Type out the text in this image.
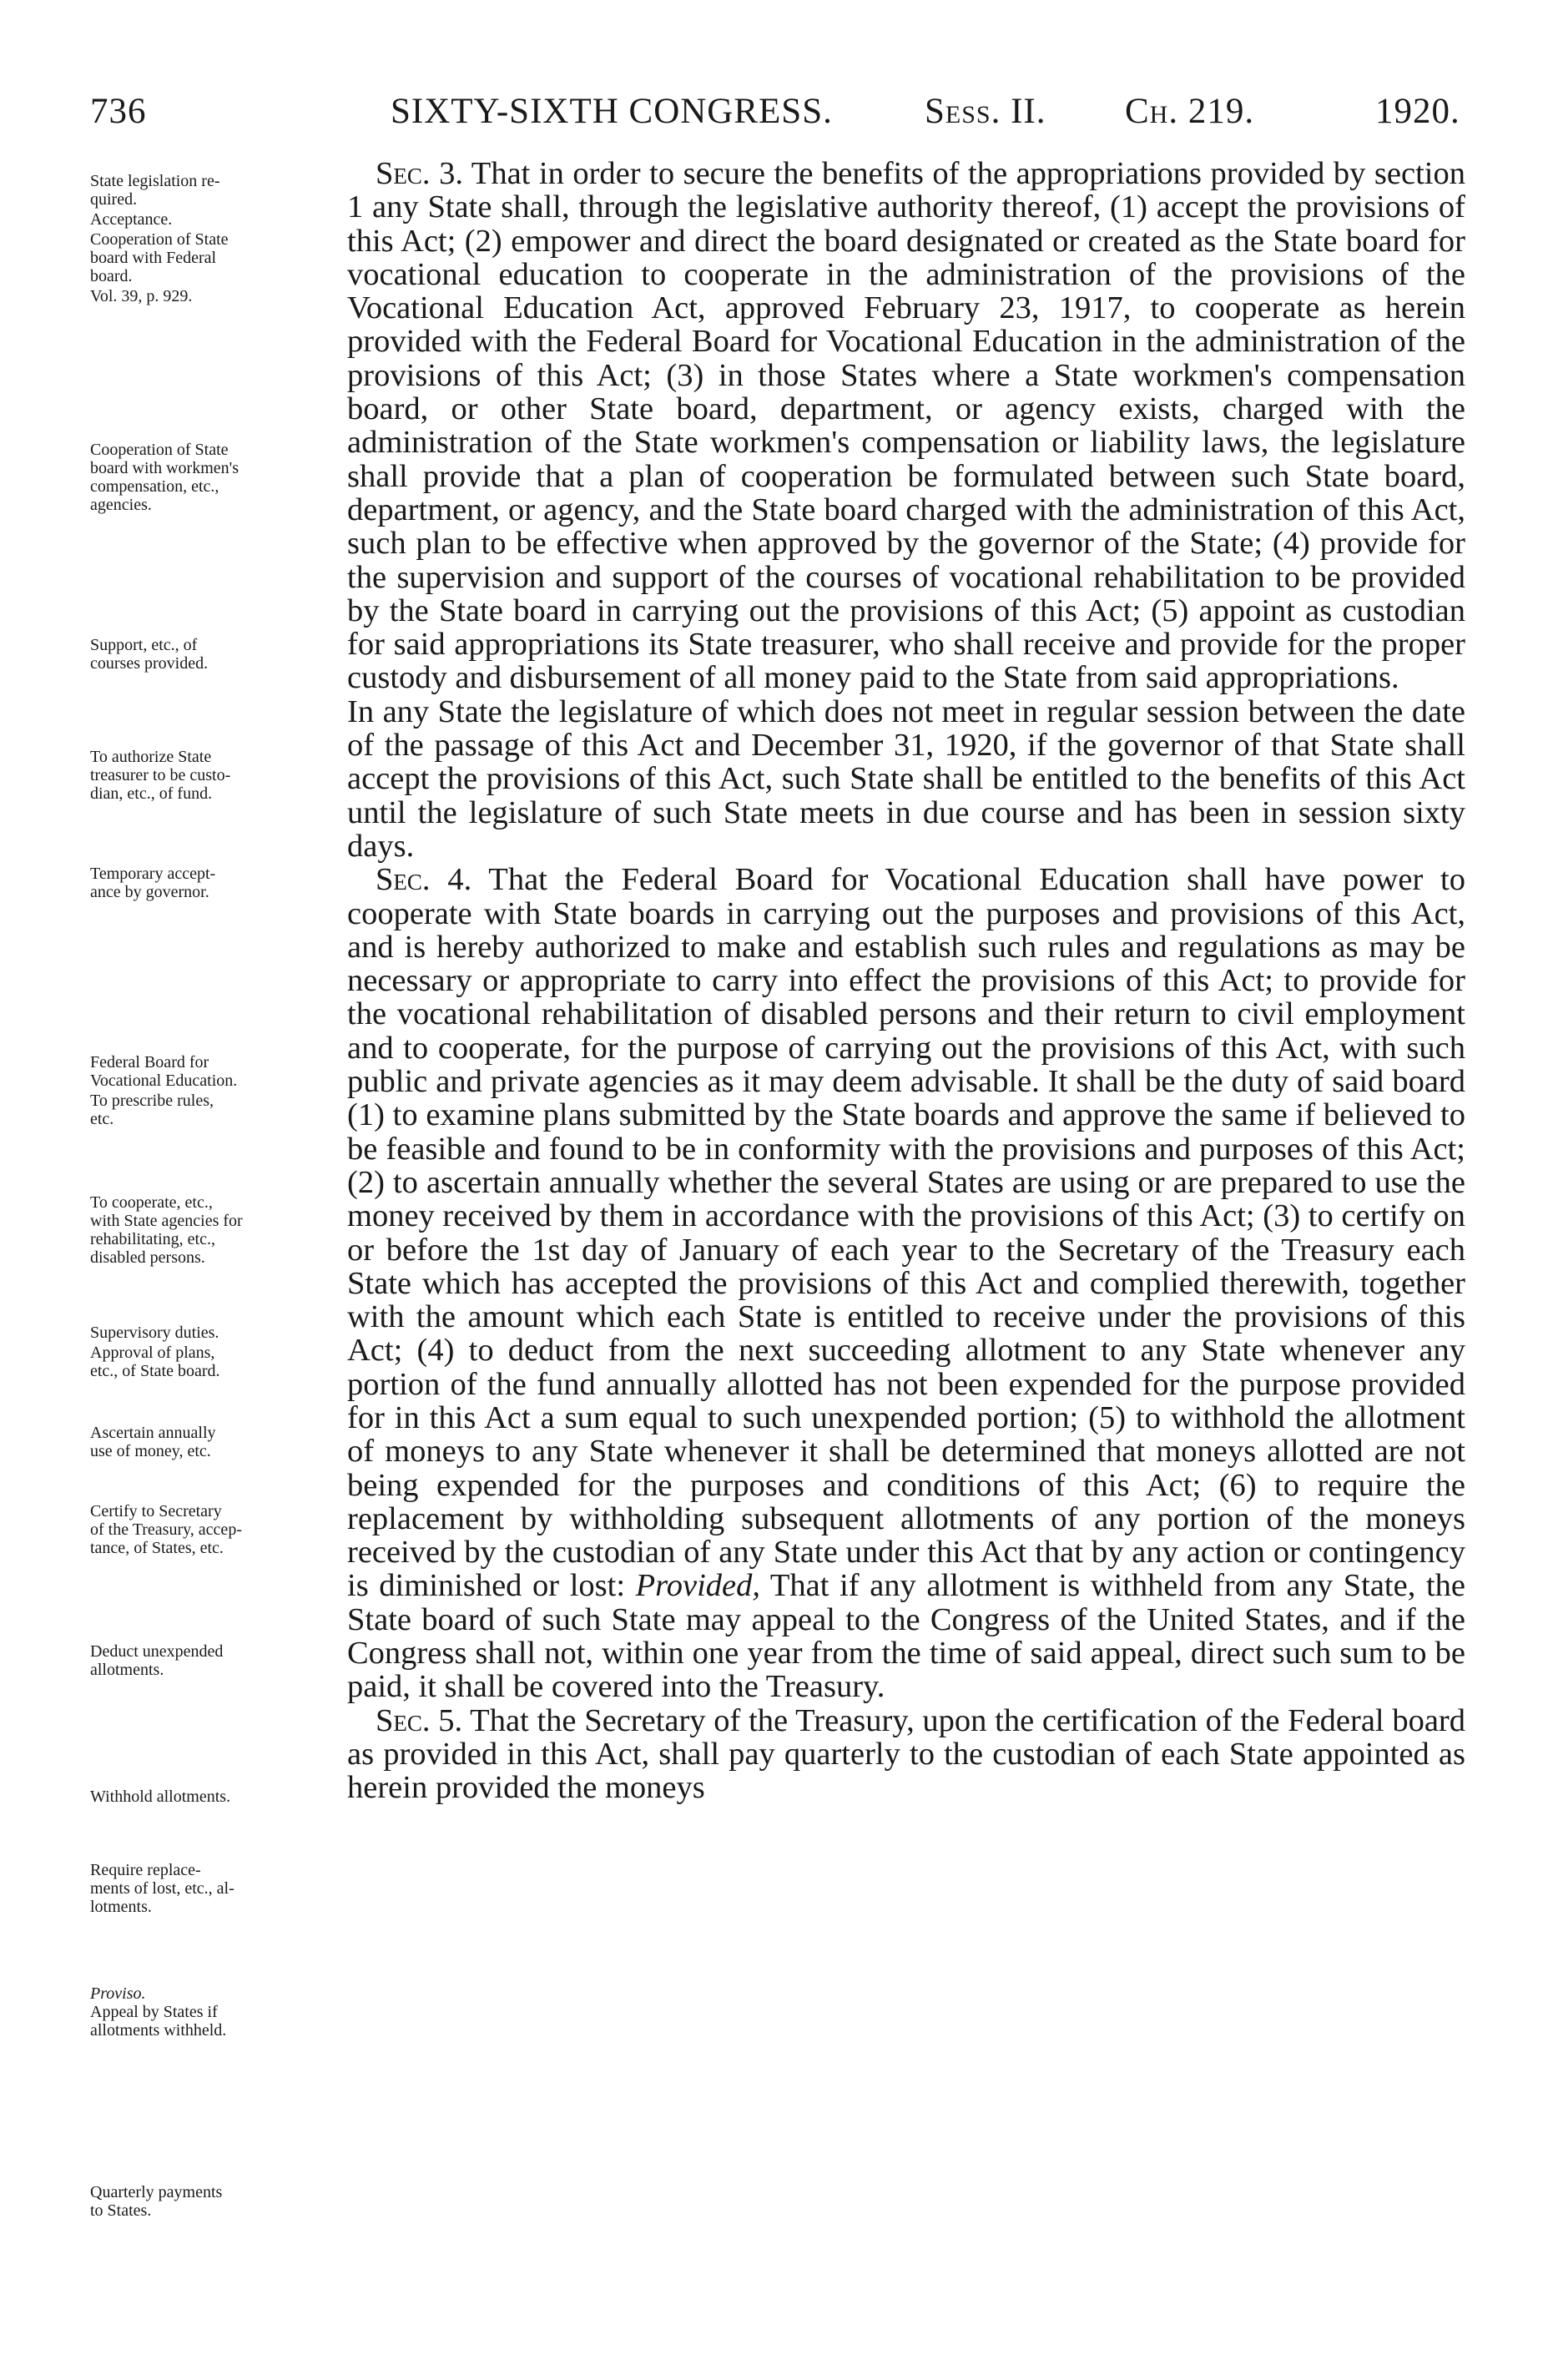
736	SIXTY-SIXTH CONGRESS.	Sess. II. Ch. 219.	1920.
State legislation re-
quired.
Acceptance.
Cooperation of State
board with Federal
board.
Vol. 39, p. 929.
Cooperation of State
board with workmen's
compensation, etc.,
agencies.
Support, etc., of
courses provided.
To authorize State
treasurer to be custo-
dian, etc., of fund.
Temporary accept-
ance by governor.
Federal Board for
Vocational Education.
To prescribe rules,
etc.
To cooperate, etc.,
with State agencies for
rehabilitating, etc.,
disabled persons.
Supervisory duties.
Approval of plans,
etc., of State board.
Ascertain annually
use of money, etc.
Certify to Secretary
of the Treasury, accep-
tance, of States, etc.
Deduct unexpended
allotments.
Withhold allotments.
Require replace-
ments of lost, etc., al-
lotments.
Proviso.
Appeal by States if
allotments withheld.
Quarterly payments
to States.

Sec. 3. That in order to secure the benefits of the appropriations provided by section 1 any State shall, through the legislative authority thereof, (1) accept the provisions of this Act; (2) empower and direct the board designated or created as the State board for vocational education to cooperate in the administration of the provisions of the Vocational Education Act, approved February 23, 1917, to cooperate as herein provided with the Federal Board for Vocational Education in the administration of the provisions of this Act; (3) in those States where a State workmen's compensation board, or other State board, department, or agency exists, charged with the administration of the State workmen's compensation or liability laws, the legislature shall provide that a plan of cooperation be formulated between such State board, department, or agency, and the State board charged with the administration of this Act, such plan to be effective when approved by the governor of the State; (4) provide for the supervision and support of the courses of vocational rehabilitation to be provided by the State board in carrying out the provisions of this Act; (5) appoint as custodian for said appropriations its State treasurer, who shall receive and provide for the proper custody and disbursement of all money paid to the State from said appropriations.

In any State the legislature of which does not meet in regular session between the date of the passage of this Act and December 31, 1920, if the governor of that State shall accept the provisions of this Act, such State shall be entitled to the benefits of this Act until the legislature of such State meets in due course and has been in session sixty days.

Sec. 4. That the Federal Board for Vocational Education shall have power to cooperate with State boards in carrying out the purposes and provisions of this Act, and is hereby authorized to make and establish such rules and regulations as may be necessary or appropriate to carry into effect the provisions of this Act; to provide for the vocational rehabilitation of disabled persons and their return to civil employment and to cooperate, for the purpose of carrying out the provisions of this Act, with such public and private agencies as it may deem advisable. It shall be the duty of said board (1) to examine plans submitted by the State boards and approve the same if believed to be feasible and found to be in conformity with the provisions and purposes of this Act; (2) to ascertain annually whether the several States are using or are prepared to use the money received by them in accordance with the provisions of this Act; (3) to certify on or before the 1st day of January of each year to the Secretary of the Treasury each State which has accepted the provisions of this Act and complied therewith, together with the amount which each State is entitled to receive under the provisions of this Act; (4) to deduct from the next succeeding allotment to any State whenever any portion of the fund annually allotted has not been expended for the purpose provided for in this Act a sum equal to such unexpended portion; (5) to withhold the allotment of moneys to any State whenever it shall be determined that moneys allotted are not being expended for the purposes and conditions of this Act; (6) to require the replacement by withholding subsequent allotments of any portion of the moneys received by the custodian of any State under this Act that by any action or contingency is diminished or lost: Provided, That if any allotment is withheld from any State, the State board of such State may appeal to the Congress of the United States, and if the Congress shall not, within one year from the time of said appeal, direct such sum to be paid, it shall be covered into the Treasury.

Sec. 5. That the Secretary of the Treasury, upon the certification of the Federal board as provided in this Act, shall pay quarterly to the custodian of each State appointed as herein provided the moneys
